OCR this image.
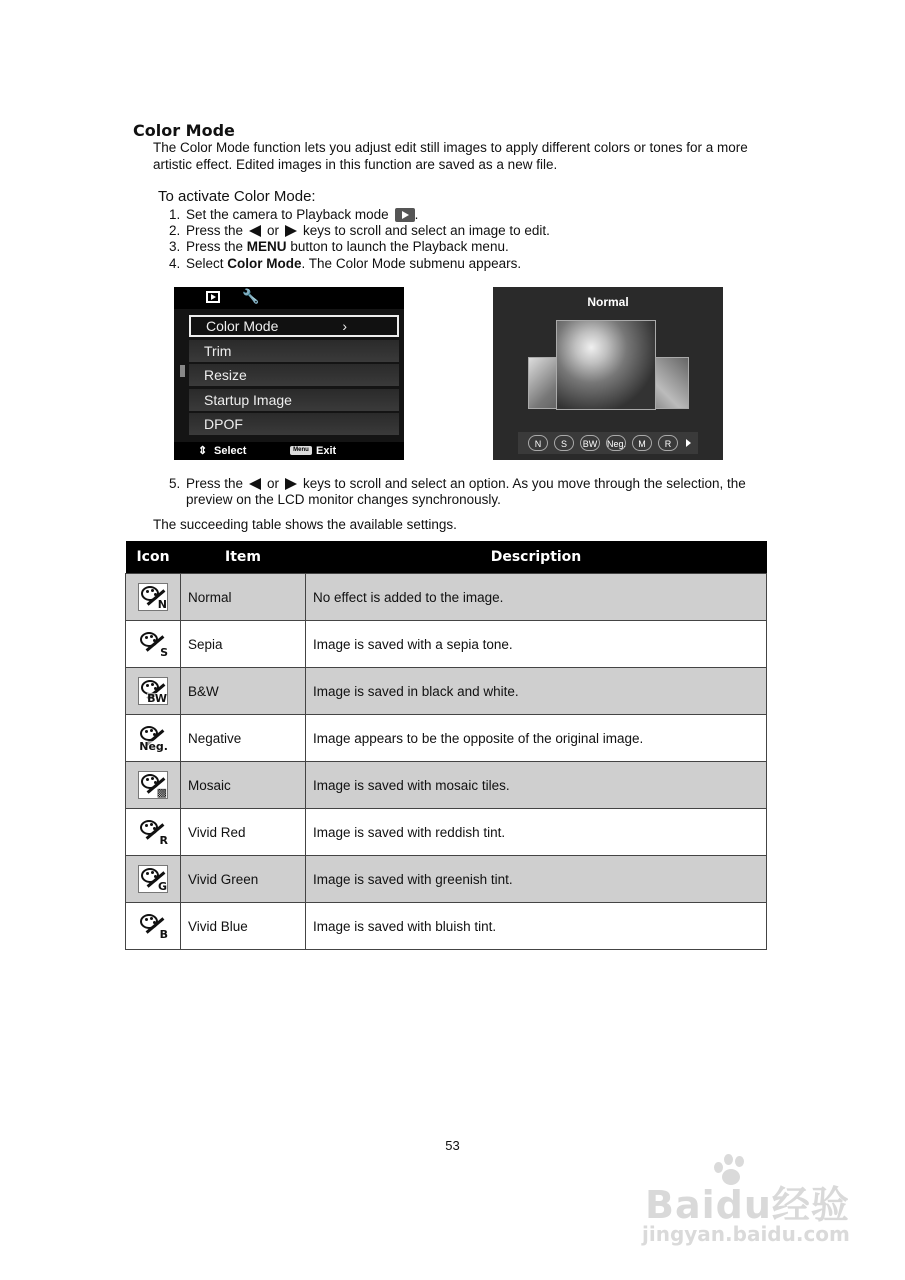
Color Mode
The Color Mode function lets you adjust edit still images to apply different colors or tones for a more artistic effect. Edited images in this function are saved as a new file.
To activate Color Mode:
1. Set the camera to Playback mode .
2. Press the or keys to scroll and select an image to edit.
3. Press the
MENU
button to launch the Playback menu.
4. Select
Color Mode . The Color Mode submenu appears.
🔧
Color Mode	›
Trim
Resize
Startup Image
DPOF
⇕ Select	Menu Exit
Normal
N	S	BW	Neg.	M	R
5. Press the or keys to scroll and select an option. As you move through the selection, the
preview on the LCD monitor changes synchronously.
The succeeding table shows the available settings.
Icon	Item	Description

N	Normal	No effect is added to the image.

S	Sepia	Image is saved with a sepia tone.

BW	B&W	Image is saved in black and white.

Neg.	Negative	Image appears to be the opposite of the original image.

▩	Mosaic	Image is saved with mosaic tiles.

R	Vivid Red	Image is saved with reddish tint.

G	Vivid Green	Image is saved with greenish tint.

B	Vivid Blue	Image is saved with bluish tint.
53
Baidu经验
jingyan.baidu.com
